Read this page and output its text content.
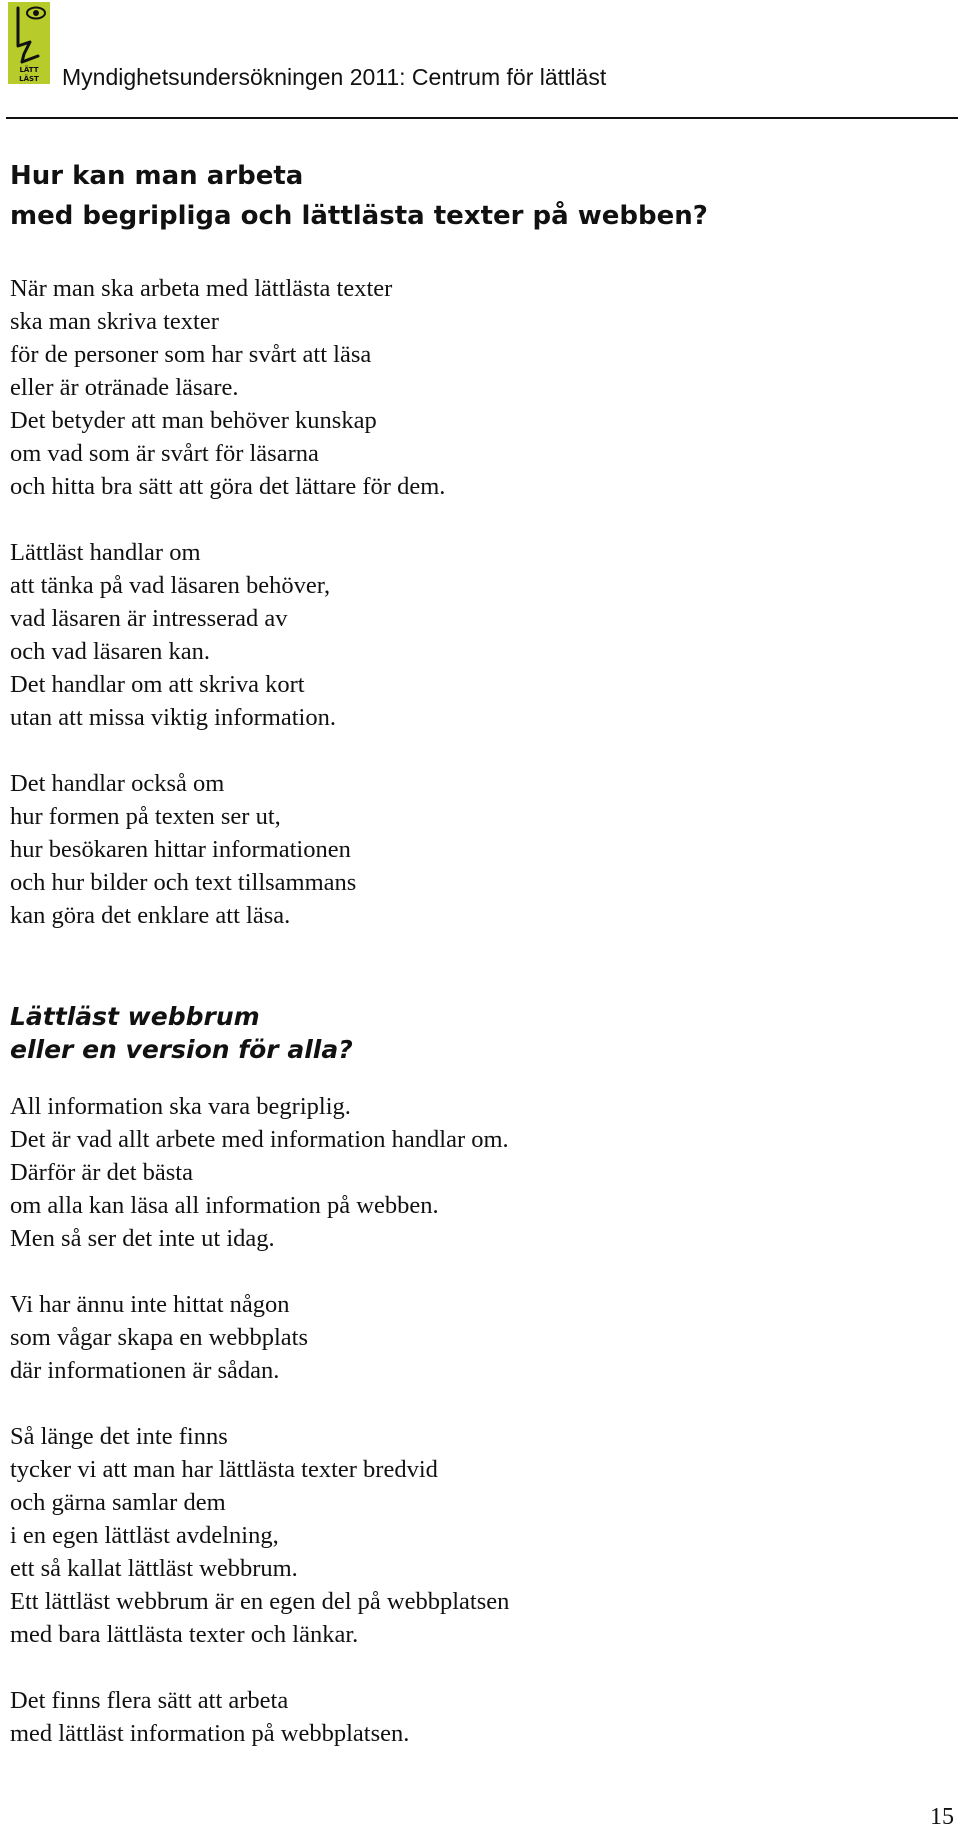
LÄTT
LÄST Myndighetsundersökningen 2011: Centrum för lättläst
Hur kan man arbeta
med begripliga och lättlästa texter på webben?

När man ska arbeta med lättlästa texter
ska man skriva texter
för de personer som har svårt att läsa
eller är otränade läsare.
Det betyder att man behöver kunskap
om vad som är svårt för läsarna
och hitta bra sätt att göra det lättare för dem.

Lättläst handlar om
att tänka på vad läsaren behöver,
vad läsaren är intresserad av
och vad läsaren kan.
Det handlar om att skriva kort
utan att missa viktig information.

Det handlar också om
hur formen på texten ser ut,
hur besökaren hittar informationen
och hur bilder och text tillsammans
kan göra det enklare att läsa.

Lättläst webbrum
eller en version för alla?

All information ska vara begriplig.
Det är vad allt arbete med information handlar om.
Därför är det bästa
om alla kan läsa all information på webben.
Men så ser det inte ut idag.

Vi har ännu inte hittat någon
som vågar skapa en webbplats
där informationen är sådan.

Så länge det inte finns
tycker vi att man har lättlästa texter bredvid
och gärna samlar dem
i en egen lättläst avdelning,
ett så kallat lättläst webbrum.
Ett lättläst webbrum är en egen del på webbplatsen
med bara lättlästa texter och länkar.

Det finns flera sätt att arbeta
med lättläst information på webbplatsen.

15
